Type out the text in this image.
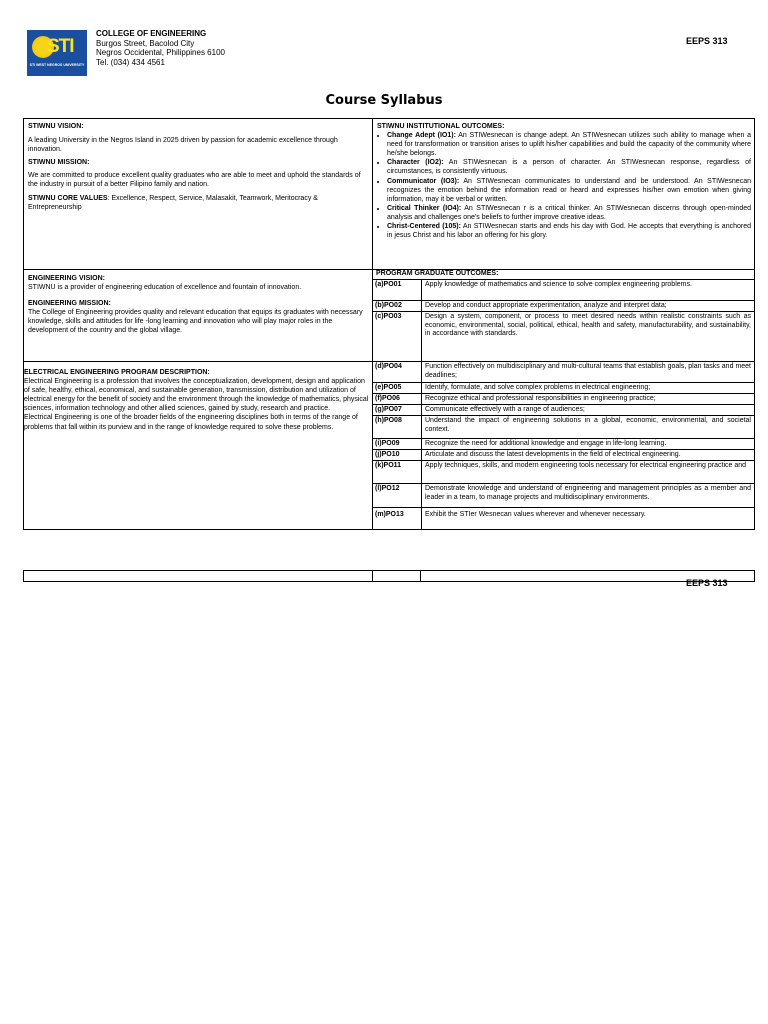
STI
STI WEST NEGROS UNIVERSITY
COLLEGE OF ENGINEERING
Burgos Street, Bacolod City
Negros Occidental, Philippines 6100
Tel. (034) 434 4561
EEPS 313
Course Syllabus

STIWNU VISION:

A leading University in the Negros Island in 2025 driven by passion for academic excellence through innovation.

STIWNU MISSION:

We are committed to produce excellent quality graduates who are able to meet and uphold the standards of the industry in pursuit of a better Filipino family and nation.

STIWNU CORE VALUES: Excellence, Respect, Service, Malasakit, Teamwork, Meritocracy & Entrepreneurship

STIWNU INSTITUTIONAL OUTCOMES:

• Change Adept (IO1): An STIWesnecan is change adept. An STIWesnecan utilizes such ability to manage when a need for transformation or transition arises to uplift his/her capabilities and build the capacity of the community where he/she belongs.
• Character (IO2): An STIWesnecan is a person of character. An STIWesnecan response, regardless of circumstances, is consistently virtuous.
• Communicator (IO3): An STIWesnecan communicates to understand and be understood. An STIWesnecan recognizes the emotion behind the information read or heard and expresses his/her own emotion when giving information, may it be verbal or written.
• Critical Thinker (IO4): An STIWesnecan r is a critical thinker. An STIWesnecan discerns through open-minded analysis and challenges one's beliefs to further improve creative ideas.
• Christ-Centered (105): An STIWesnecan starts and ends his day with God. He accepts that everything is anchored in jesus Christ and his labor an offering for his glory.

ENGINEERING VISION:

STIWNU is a provider of engineering education of excellence and fountain of innovation.

ENGINEERING MISSION:

The College of Engineering provides quality and relevant education that equips its graduates with necessary knowledge, skills and attitudes for life -long learning and innovation who will play major roles in the development of the country and the global village.

ELECTRICAL ENGINEERING PROGRAM DESCRIPTION:

Electrical Engineering is a profession that involves the conceptualization, development, design and application of safe, healthy, ethical, economical, and sustainable generation, transmission, distribution and utilization of electrical energy for the benefit of society and the environment through the knowledge of mathematics, physical sciences, information technology and other allied sciences, gained by study, research and practice.

Electrical Engineering is one of the broader fields of the engineering disciplines both in terms of the range of problems that fall within its purview and in the range of knowledge required to solve these problems.

PROGRAM GRADUATE OUTCOMES:
(a)PO01	Apply knowledge of mathematics and science to solve complex engineering problems.
(b)PO02	Develop and conduct appropriate experimentation, analyze and interpret data;
(c)PO03	Design a system, component, or process to meet desired needs within realistic constraints such as economic, environmental, social, political, ethical, health and safety, manufacturability, and sustainability, in accordance with standards.
(d)PO04	Function effectively on multidisciplinary and multi-cultural teams that establish goals, plan tasks and meet deadlines;
(e)PO05	Identify, formulate, and solve complex problems in electrical engineering;
(f)PO06	Recognize ethical and professional responsibilities in engineering practice;
(g)PO07	Communicate effectively with a range of audiences;
(h)PO08	Understand the impact of engineering solutions in a global, economic, environmental, and societal context.
(i)PO09	Recognize the need for additional knowledge and engage in life-long learning.
(j)PO10	Articulate and discuss the latest developments in the field of electrical engineering.
(k)PO11	Apply techniques, skills, and modern engineering tools necessary for electrical engineering practice and
(l)PO12	Demonstrate knowledge and understand of engineering and management principles as a member and leader in a team, to manage projects and multidisciplinary environments.
(m)PO13	Exhibit the STIer Wesnecan values wherever and whenever necessary.
EEPS 313
